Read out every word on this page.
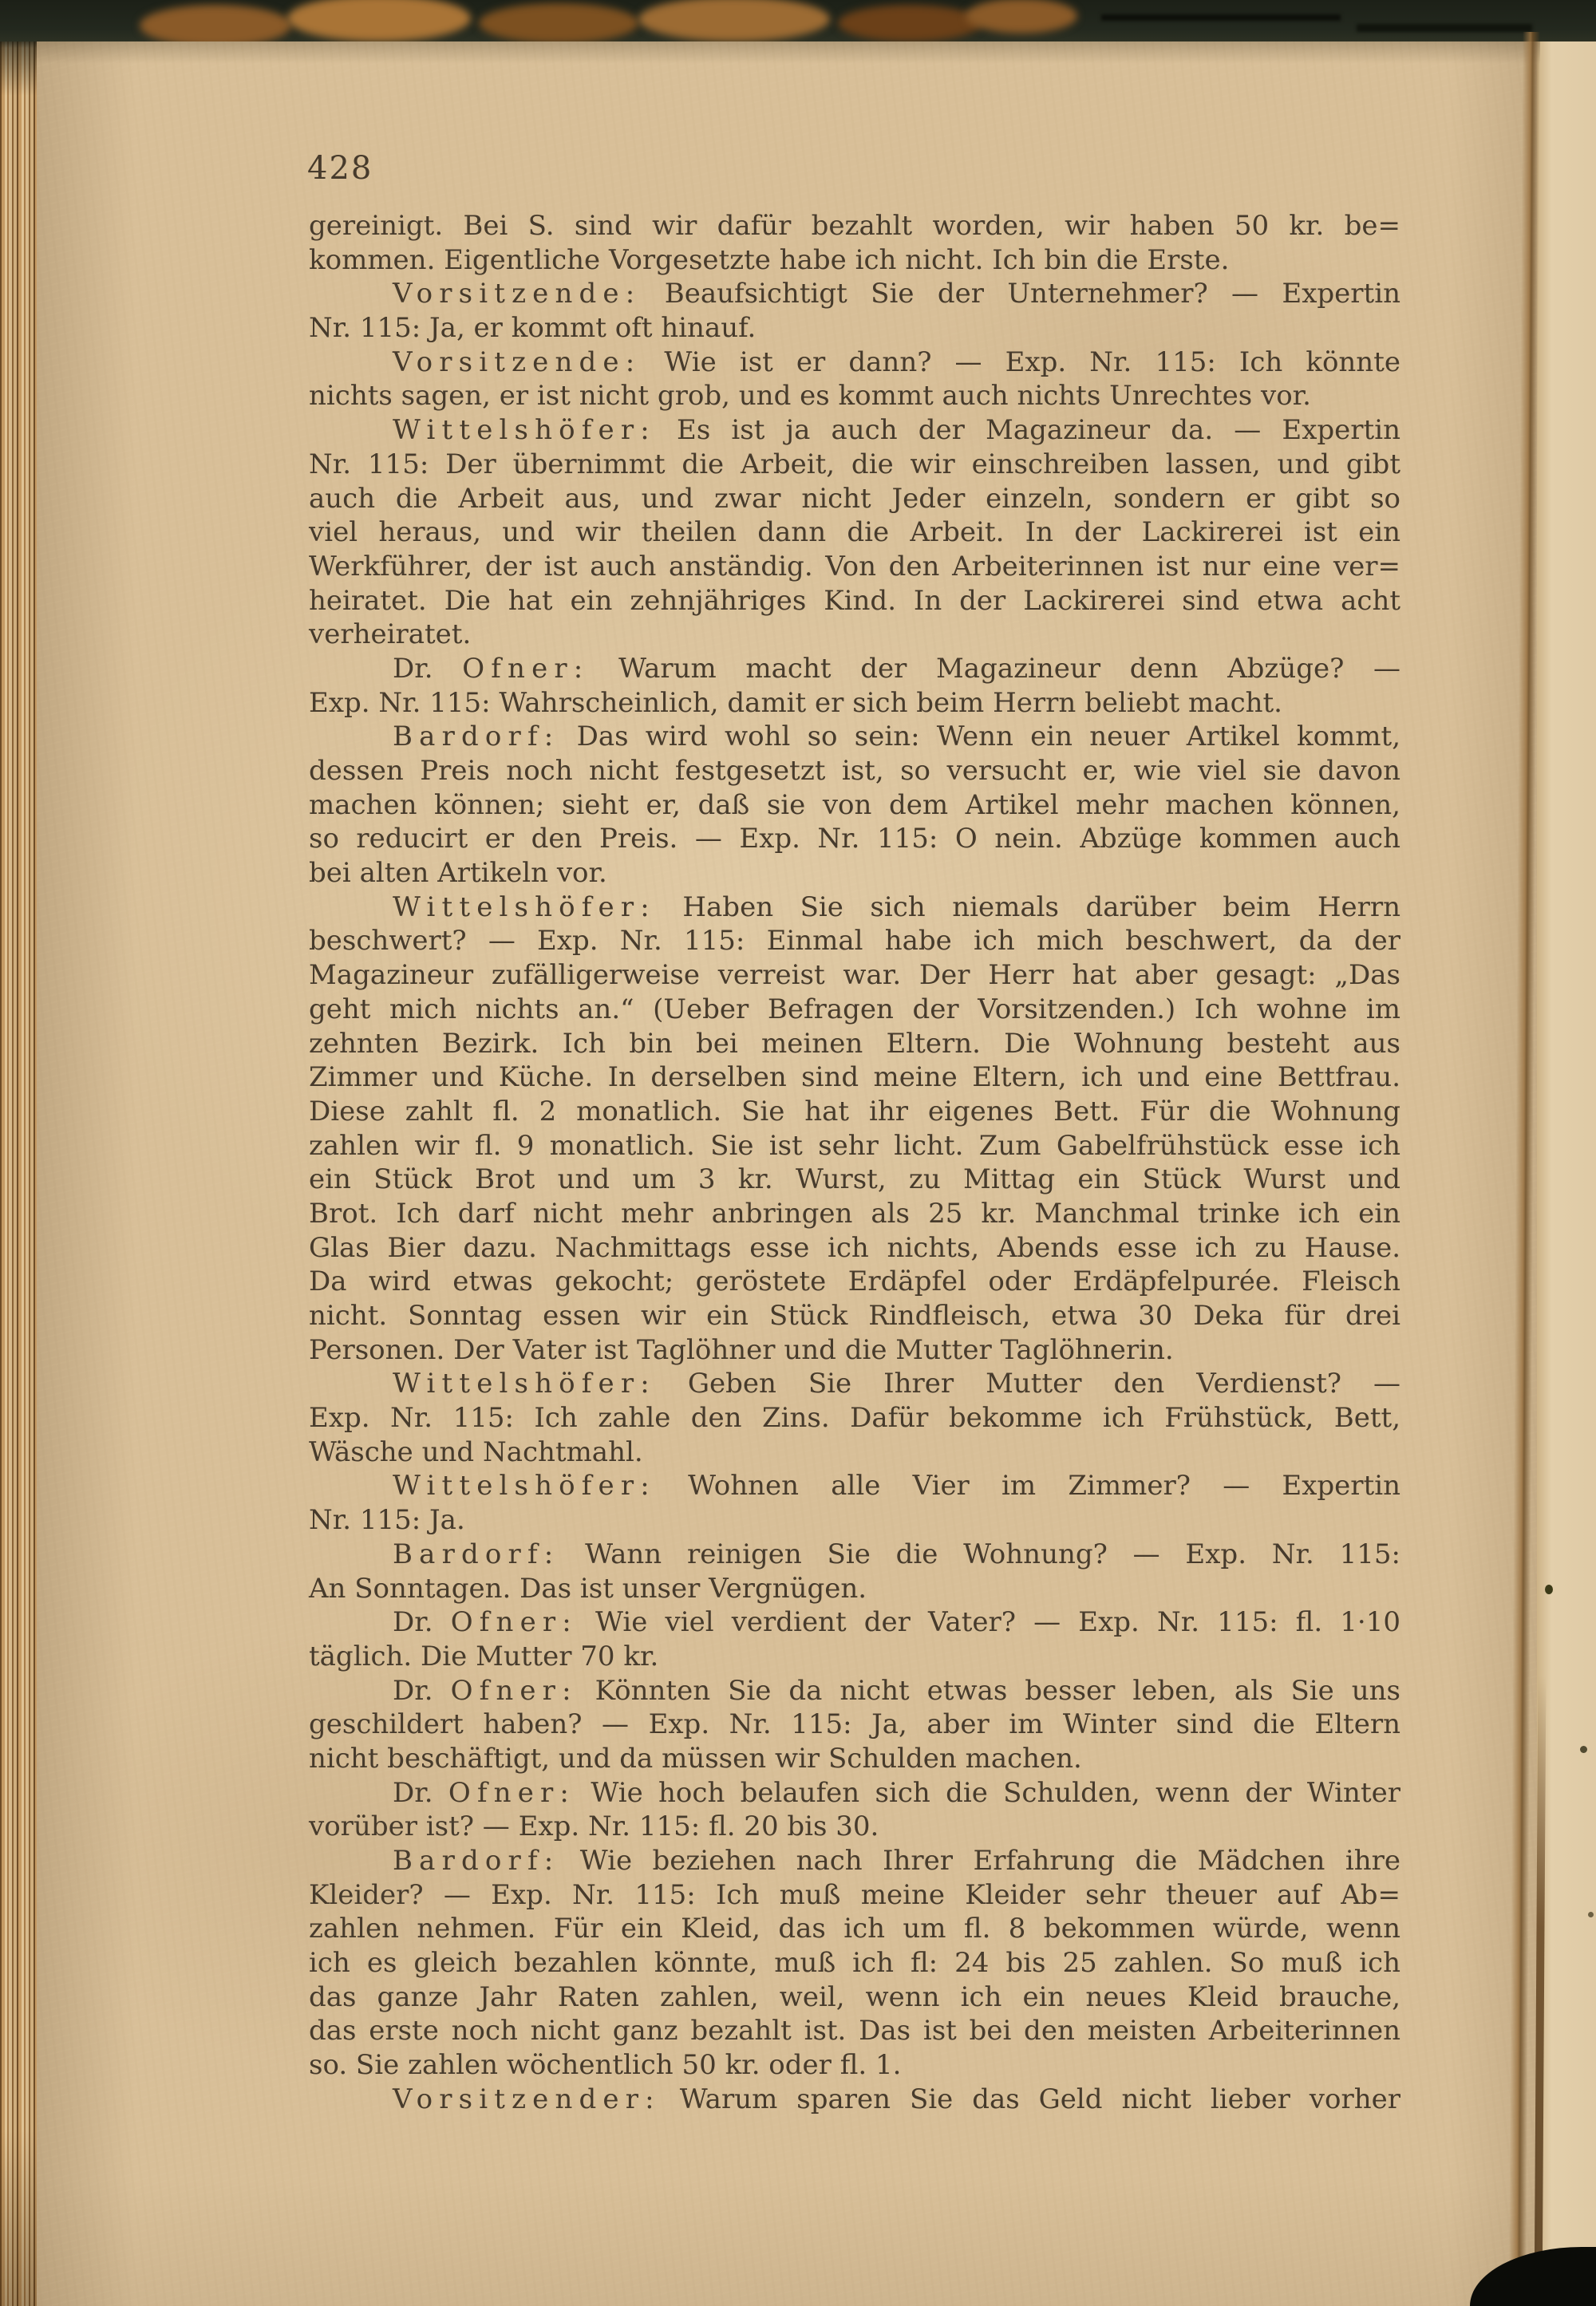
428
gereinigt. Bei S. sind wir dafür bezahlt worden, wir haben 50 kr. be=
kommen. Eigentliche Vorgesetzte habe ich nicht. Ich bin die Erste.
Vorsitzende: Beaufsichtigt Sie der Unternehmer? — Expertin
Nr. 115: Ja, er kommt oft hinauf.
Vorsitzende: Wie ist er dann? — Exp. Nr. 115: Ich könnte
nichts sagen, er ist nicht grob, und es kommt auch nichts Unrechtes vor.
Wittelshöfer: Es ist ja auch der Magazineur da. — Expertin
Nr. 115: Der übernimmt die Arbeit, die wir einschreiben lassen, und gibt
auch die Arbeit aus, und zwar nicht Jeder einzeln, sondern er gibt so
viel heraus, und wir theilen dann die Arbeit. In der Lackirerei ist ein
Werkführer, der ist auch anständig. Von den Arbeiterinnen ist nur eine ver=
heiratet. Die hat ein zehnjähriges Kind. In der Lackirerei sind etwa acht
verheiratet.
Dr. Ofner: Warum macht der Magazineur denn Abzüge? —
Exp. Nr. 115: Wahrscheinlich, damit er sich beim Herrn beliebt macht.
Bardorf: Das wird wohl so sein: Wenn ein neuer Artikel kommt,
dessen Preis noch nicht festgesetzt ist, so versucht er, wie viel sie davon
machen können; sieht er, daß sie von dem Artikel mehr machen können,
so reducirt er den Preis. — Exp. Nr. 115: O nein. Abzüge kommen auch
bei alten Artikeln vor.
Wittelshöfer: Haben Sie sich niemals darüber beim Herrn
beschwert? — Exp. Nr. 115: Einmal habe ich mich beschwert, da der
Magazineur zufälligerweise verreist war. Der Herr hat aber gesagt: „Das
geht mich nichts an.“ (Ueber Befragen der Vorsitzenden.) Ich wohne im
zehnten Bezirk. Ich bin bei meinen Eltern. Die Wohnung besteht aus
Zimmer und Küche. In derselben sind meine Eltern, ich und eine Bettfrau.
Diese zahlt fl. 2 monatlich. Sie hat ihr eigenes Bett. Für die Wohnung
zahlen wir fl. 9 monatlich. Sie ist sehr licht. Zum Gabelfrühstück esse ich
ein Stück Brot und um 3 kr. Wurst, zu Mittag ein Stück Wurst und
Brot. Ich darf nicht mehr anbringen als 25 kr. Manchmal trinke ich ein
Glas Bier dazu. Nachmittags esse ich nichts, Abends esse ich zu Hause.
Da wird etwas gekocht; geröstete Erdäpfel oder Erdäpfelpurée. Fleisch
nicht. Sonntag essen wir ein Stück Rindfleisch, etwa 30 Deka für drei
Personen. Der Vater ist Taglöhner und die Mutter Taglöhnerin.
Wittelshöfer: Geben Sie Ihrer Mutter den Verdienst? —
Exp. Nr. 115: Ich zahle den Zins. Dafür bekomme ich Frühstück, Bett,
Wäsche und Nachtmahl.
Wittelshöfer: Wohnen alle Vier im Zimmer? — Expertin
Nr. 115: Ja.
Bardorf: Wann reinigen Sie die Wohnung? — Exp. Nr. 115:
An Sonntagen. Das ist unser Vergnügen.
Dr. Ofner: Wie viel verdient der Vater? — Exp. Nr. 115: fl. 1·10
täglich. Die Mutter 70 kr.
Dr. Ofner: Könnten Sie da nicht etwas besser leben, als Sie uns
geschildert haben? — Exp. Nr. 115: Ja, aber im Winter sind die Eltern
nicht beschäftigt, und da müssen wir Schulden machen.
Dr. Ofner: Wie hoch belaufen sich die Schulden, wenn der Winter
vorüber ist? — Exp. Nr. 115: fl. 20 bis 30.
Bardorf: Wie beziehen nach Ihrer Erfahrung die Mädchen ihre
Kleider? — Exp. Nr. 115: Ich muß meine Kleider sehr theuer auf Ab=
zahlen nehmen. Für ein Kleid, das ich um fl. 8 bekommen würde, wenn
ich es gleich bezahlen könnte, muß ich fl: 24 bis 25 zahlen. So muß ich
das ganze Jahr Raten zahlen, weil, wenn ich ein neues Kleid brauche,
das erste noch nicht ganz bezahlt ist. Das ist bei den meisten Arbeiterinnen
so. Sie zahlen wöchentlich 50 kr. oder fl. 1.
Vorsitzender: Warum sparen Sie das Geld nicht lieber vorher
